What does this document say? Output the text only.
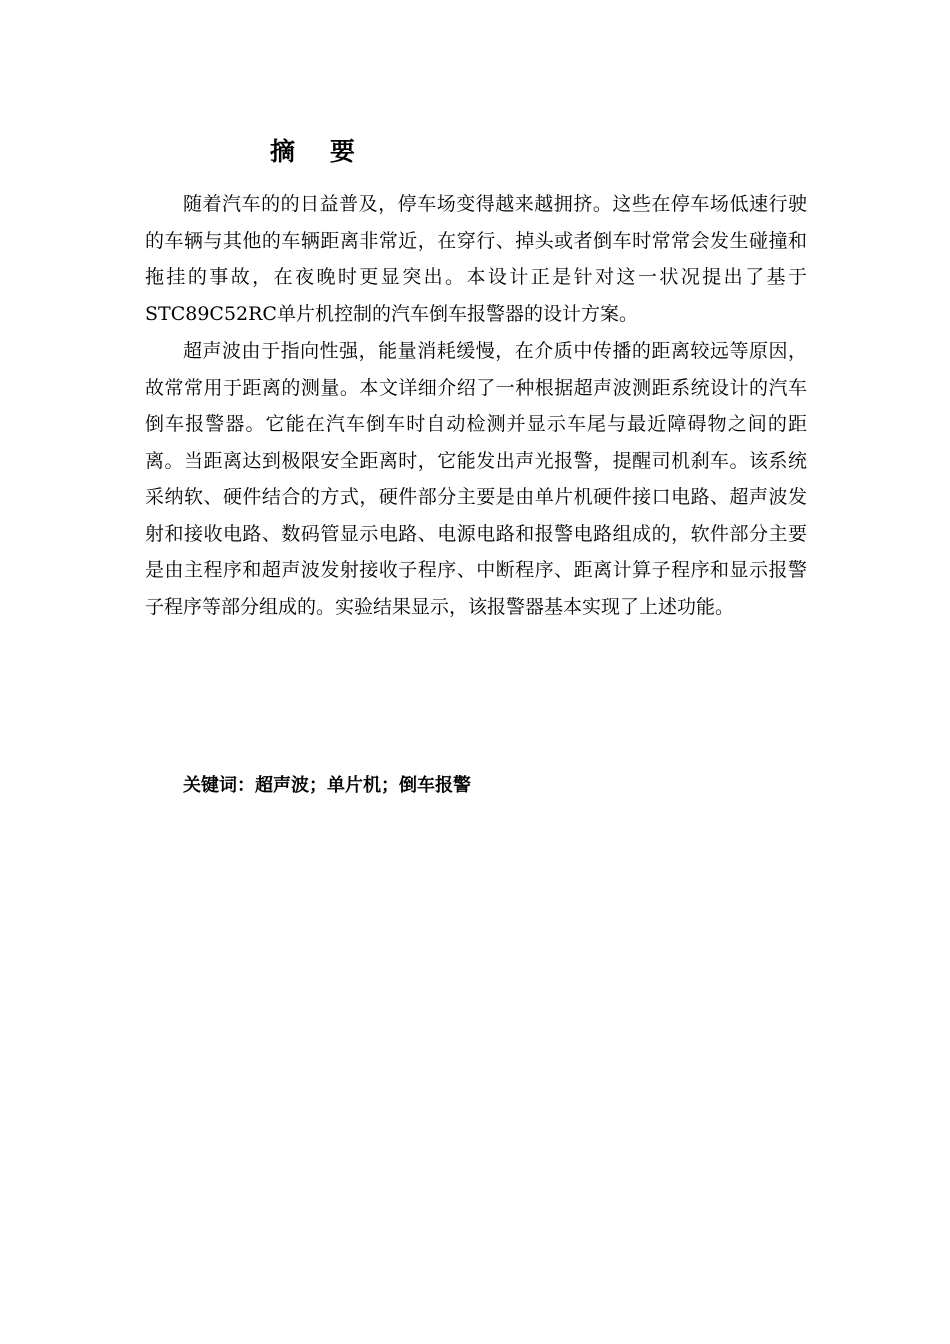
摘    要

随着汽车的的日益普及，停车场变得越来越拥挤。这些在停车场低速行驶的车辆与其他的车辆距离非常近，在穿行、掉头或者倒车时常常会发生碰撞和拖挂的事故，在夜晚时更显突出。本设计正是针对这一状况提出了基于STC89C52RC单片机控制的汽车倒车报警器的设计方案。

超声波由于指向性强，能量消耗缓慢，在介质中传播的距离较远等原因，故常常用于距离的测量。本文详细介绍了一种根据超声波测距系统设计的汽车倒车报警器。它能在汽车倒车时自动检测并显示车尾与最近障碍物之间的距离。当距离达到极限安全距离时，它能发出声光报警，提醒司机刹车。该系统采纳软、硬件结合的方式，硬件部分主要是由单片机硬件接口电路、超声波发射和接收电路、数码管显示电路、电源电路和报警电路组成的，软件部分主要是由主程序和超声波发射接收子程序、中断程序、距离计算子程序和显示报警子程序等部分组成的。实验结果显示，该报警器基本实现了上述功能。

关键词：超声波；单片机；倒车报警
